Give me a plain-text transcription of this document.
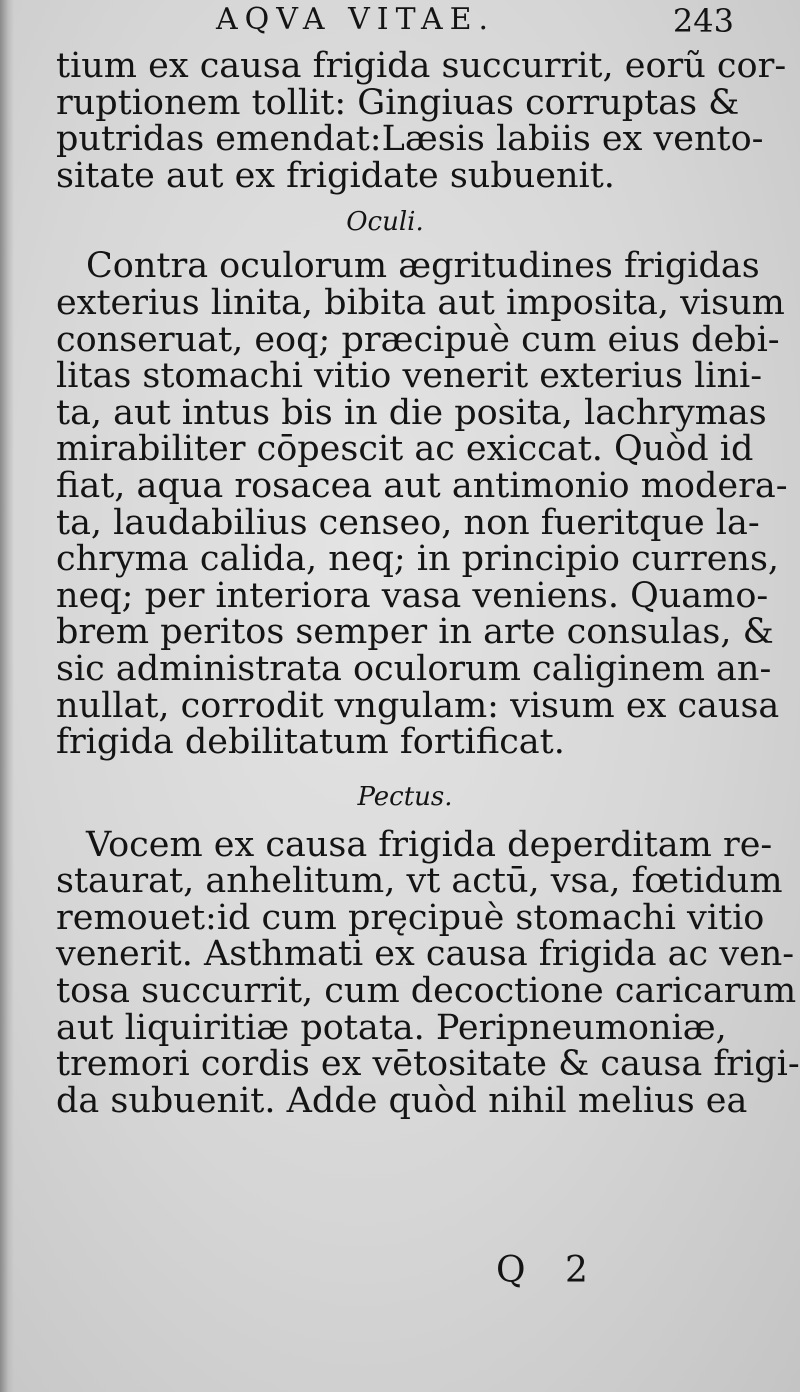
AQVA VITAE.	243

tium ex causa frigida succurrit, eorũ cor-

ruptionem tollit: Gingiuas corruptas &

putridas emendat:Læsis labiis ex vento-

sitate aut ex frigidate subuenit.

Oculi.

Contra oculorum ægritudines frigidas

exterius linita, bibita aut imposita, visum

conseruat, eoq; præcipuè cum eius debi-

litas stomachi vitio venerit exterius lini-

ta, aut intus bis in die posita, lachrymas

mirabiliter cōpescit ac exiccat. Quòd id

fiat, aqua rosacea aut antimonio modera-

ta, laudabilius censeo, non fueritque la-

chryma calida, neq; in principio currens,

neq; per interiora vasa veniens. Quamo-

brem peritos semper in arte consulas, &

sic administrata oculorum caliginem an-

nullat, corrodit vngulam: visum ex causa

frigida debilitatum fortificat.

Pectus.

Vocem ex causa frigida deperditam re-

staurat, anhelitum, vt actū, vsa, fœtidum

remouet:id cum pręcipuè stomachi vitio

venerit. Asthmati ex causa frigida ac ven-

tosa succurrit, cum decoctione caricarum

aut liquiritiæ potata. Peripneumoniæ,

tremori cordis ex vētositate & causa frigi-

da subuenit. Adde quòd nihil melius ea

Q 2
